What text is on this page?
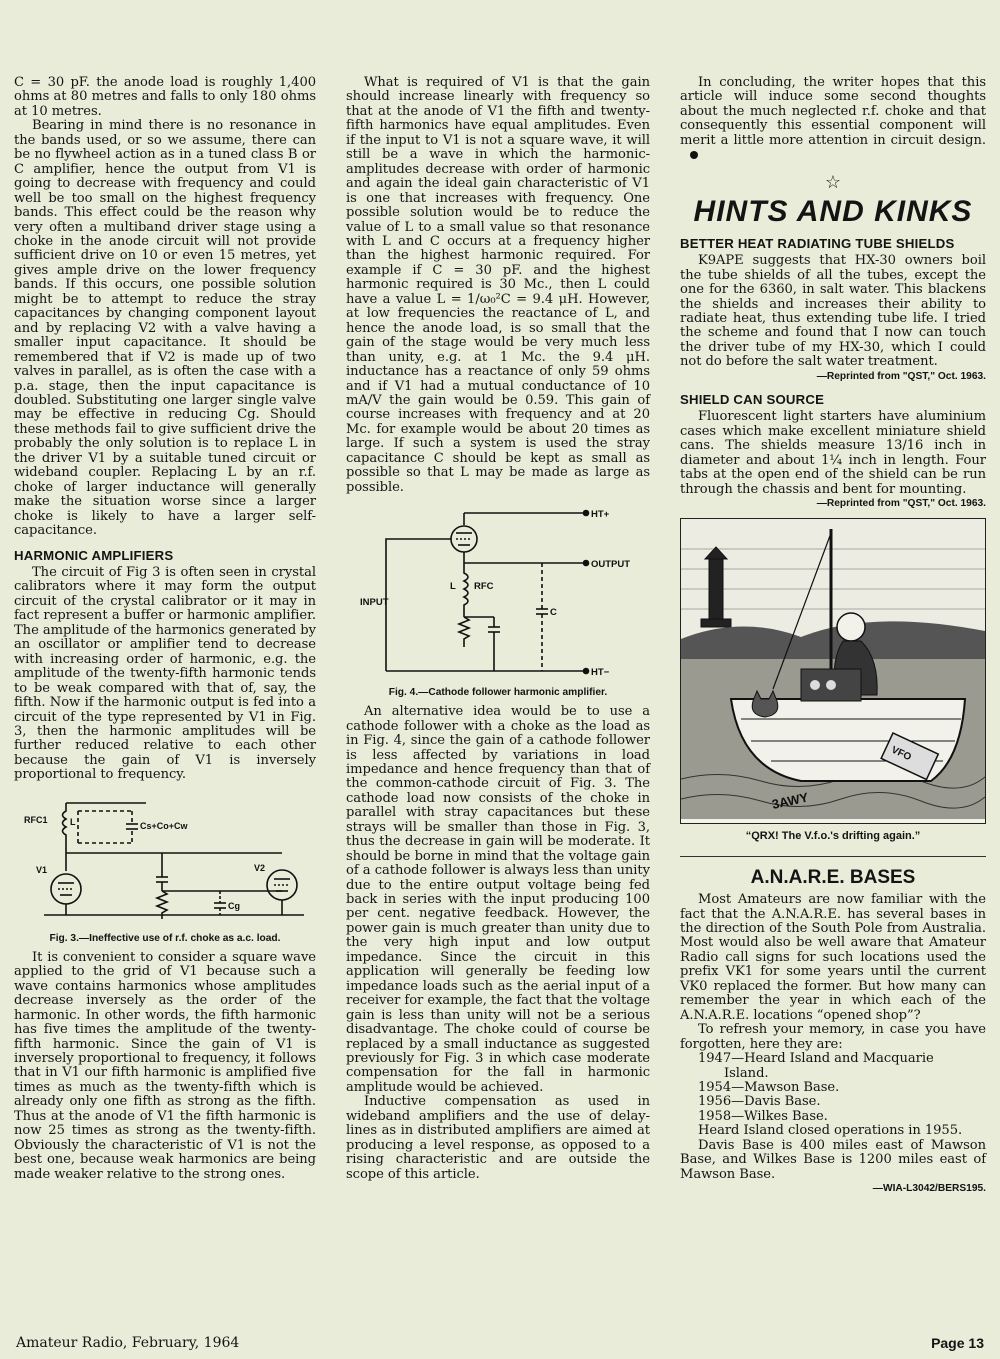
C = 30 pF. the anode load is roughly 1,400 ohms at 80 metres and falls to only 180 ohms at 10 metres.

Bearing in mind there is no resonance in the bands used, or so we assume, there can be no flywheel action as in a tuned class B or C amplifier, hence the output from V1 is going to decrease with frequency and could well be too small on the highest frequency bands. This effect could be the reason why very often a multiband driver stage using a choke in the anode circuit will not provide sufficient drive on 10 or even 15 metres, yet gives ample drive on the lower frequency bands. If this occurs, one possible solution might be to attempt to reduce the stray capacitances by changing component layout and by replacing V2 with a valve having a smaller input capacitance. It should be remembered that if V2 is made up of two valves in parallel, as is often the case with a p.a. stage, then the input capacitance is doubled. Substituting one larger single valve may be effective in reducing Cg. Should these methods fail to give sufficient drive the probably the only solution is to replace L in the driver V1 by a suitable tuned circuit or wideband coupler. Replacing L by an r.f. choke of larger inductance will generally make the situation worse since a larger choke is likely to have a larger self-capacitance.

HARMONIC AMPLIFIERS

The circuit of Fig 3 is often seen in crystal calibrators where it may form the output circuit of the crystal calibrator or it may in fact represent a buffer or harmonic amplifier. The amplitude of the harmonics generated by an oscillator or amplifier tend to decrease with increasing order of harmonic, e.g. the amplitude of the twenty-fifth harmonic tends to be weak compared with that of, say, the fifth. Now if the harmonic output is fed into a circuit of the type represented by V1 in Fig. 3, then the harmonic amplitudes will be further reduced relative to each other because the gain of V1 is inversely proportional to frequency.

RFC1 L	Cs+Co+Cw
V1	V2
Cg
Fig. 3.—Ineffective use of r.f. choke as a.c. load.

It is convenient to consider a square wave applied to the grid of V1 because such a wave contains harmonics whose amplitudes decrease inversely as the order of the harmonic. In other words, the fifth harmonic has five times the amplitude of the twenty-fifth harmonic. Since the gain of V1 is inversely proportional to frequency, it follows that in V1 our fifth harmonic is amplified five times as much as the twenty-fifth which is already only one fifth as strong as the fifth. Thus at the anode of V1 the fifth harmonic is now 25 times as strong as the twenty-fifth. Obviously the characteristic of V1 is not the best one, because weak harmonics are being made weaker relative to the strong ones.

What is required of V1 is that the gain should increase linearly with frequency so that at the anode of V1 the fifth and twenty-fifth harmonics have equal amplitudes. Even if the input to V1 is not a square wave, it will still be a wave in which the harmonic-amplitudes decrease with order of harmonic and again the ideal gain characteristic of V1 is one that increases with frequency. One possible solution would be to reduce the value of L to a small value so that resonance with L and C occurs at a frequency higher than the highest harmonic required. For example if C = 30 pF. and the highest harmonic required is 30 Mc., then L could have a value L = 1/ω₀²C = 9.4 μH. However, at low frequencies the reactance of L, and hence the anode load, is so small that the gain of the stage would be very much less than unity, e.g. at 1 Mc. the 9.4 μH. inductance has a reactance of only 59 ohms and if V1 had a mutual conductance of 10 mA/V the gain would be 0.59. This gain of course increases with frequency and at 20 Mc. for example would be about 20 times as large. If such a system is used the stray capacitance C should be kept as small as possible so that L may be made as large as possible.

HT+
OUTPUT
INPUT
L RFC
C
HT−
Fig. 4.—Cathode follower harmonic amplifier.

An alternative idea would be to use a cathode follower with a choke as the load as in Fig. 4, since the gain of a cathode follower is less affected by variations in load impedance and hence frequency than that of the common-cathode circuit of Fig. 3. The cathode load now consists of the choke in parallel with stray capacitances but these strays will be smaller than those in Fig. 3, thus the decrease in gain will be moderate. It should be borne in mind that the voltage gain of a cathode follower is always less than unity due to the entire output voltage being fed back in series with the input producing 100 per cent. negative feedback. However, the power gain is much greater than unity due to the very high input and low output impedance. Since the circuit in this application will generally be feeding low impedance loads such as the aerial input of a receiver for example, the fact that the voltage gain is less than unity will not be a serious disadvantage. The choke could of course be replaced by a small inductance as suggested previously for Fig. 3 in which case moderate compensation for the fall in harmonic amplitude would be achieved.

Inductive compensation as used in wideband amplifiers and the use of delay-lines as in distributed amplifiers are aimed at producing a level response, as opposed to a rising characteristic and are outside the scope of this article.

In concluding, the writer hopes that this article will induce some second thoughts about the much neglected r.f. choke and that consequently this essential component will merit a little more attention in circuit design.

☆
HINTS AND KINKS
BETTER HEAT RADIATING TUBE SHIELDS

K9APE suggests that HX-30 owners boil the tube shields of all the tubes, except the one for the 6360, in salt water. This blackens the shields and increases their ability to radiate heat, thus extending tube life. I tried the scheme and found that I now can touch the driver tube of my HX-30, which I could not do before the salt water treatment.

—Reprinted from "QST," Oct. 1963.
SHIELD CAN SOURCE

Fluorescent light starters have aluminium cases which make excellent miniature shield cans. The shields measure 13/16 inch in diameter and about 1¼ inch in length. Four tabs at the open end of the shield can be run through the chassis and bent for mounting.

—Reprinted from "QST," Oct. 1963.
VFO
3AWY
“QRX! The V.f.o.'s drifting again.”
A.N.A.R.E. BASES

Most Amateurs are now familiar with the fact that the A.N.A.R.E. has several bases in the direction of the South Pole from Australia. Most would also be well aware that Amateur Radio call signs for such locations used the prefix VK1 for some years until the current VK0 replaced the former. But how many can remember the year in which each of the A.N.A.R.E. locations “opened shop”?

To refresh your memory, in case you have forgotten, here they are:

1947—Heard Island and Macquarie

Island.

1954—Mawson Base.

1956—Davis Base.

1958—Wilkes Base.

Heard Island closed operations in 1955.

Davis Base is 400 miles east of Mawson Base, and Wilkes Base is 1200 miles east of Mawson Base.

—WIA-L3042/BERS195.
Amateur Radio, February, 1964	Page 13
